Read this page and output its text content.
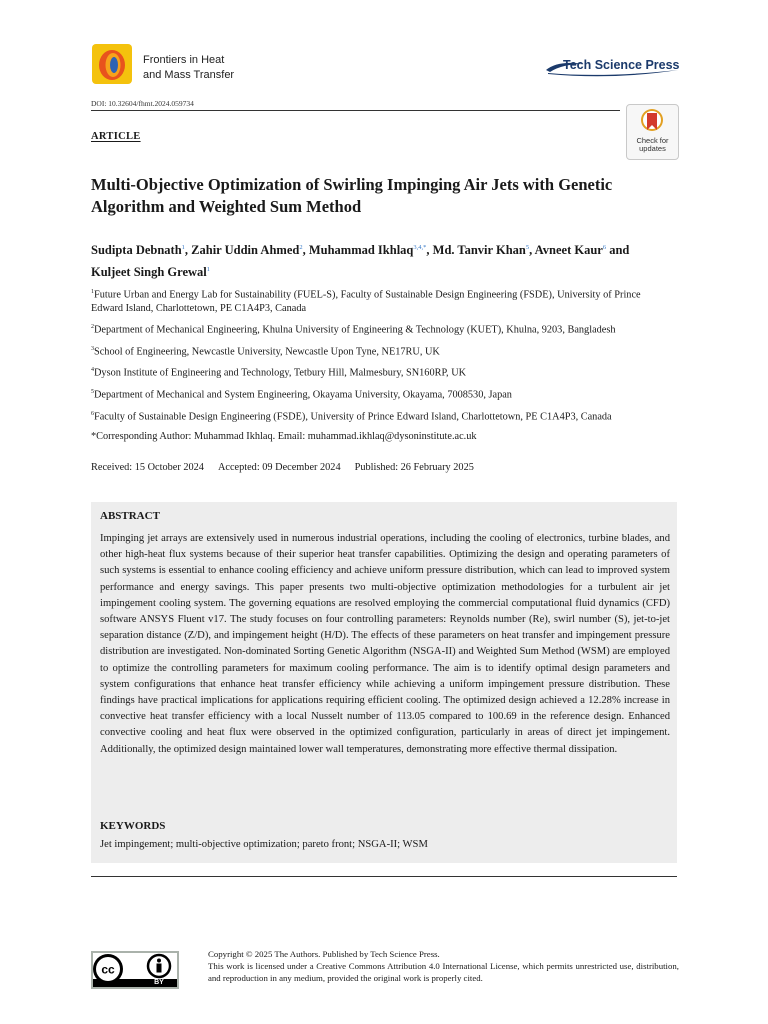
Frontiers in Heat
and Mass Transfer
Tech Science Press
DOI: 10.32604/fhmt.2024.059734
ARTICLE	Check for
updates
Multi-Objective Optimization of Swirling Impinging Air Jets with Genetic Algorithm and Weighted Sum Method
Sudipta Debnath$^1$, Zahir Uddin Ahmed$^2$, Muhammad Ikhlaq$^{3,4,*}$, Md. Tanvir Khan$^5$, Avneet Kaur$^6$ and
Kuljeet Singh Grewal$^1$
$^1$Future Urban and Energy Lab for Sustainability (FUEL-S), Faculty of Sustainable Design Engineering (FSDE), University of Prince Edward Island, Charlottetown, PE C1A4P3, Canada
$^2$Department of Mechanical Engineering, Khulna University of Engineering & Technology (KUET), Khulna, 9203, Bangladesh
$^3$School of Engineering, Newcastle University, Newcastle Upon Tyne, NE17RU, UK
$^4$Dyson Institute of Engineering and Technology, Tetbury Hill, Malmesbury, SN160RP, UK
$^5$Department of Mechanical and System Engineering, Okayama University, Okayama, 7008530, Japan
$^6$Faculty of Sustainable Design Engineering (FSDE), University of Prince Edward Island, Charlottetown, PE C1A4P3, Canada
*Corresponding Author: Muhammad Ikhlaq. Email: muhammad.ikhlaq@dysoninstitute.ac.uk
Received: 15 October 2024 Accepted: 09 December 2024 Published: 26 February 2025
ABSTRACT
Impinging jet arrays are extensively used in numerous industrial operations, including the cooling of electronics, turbine blades, and other high-heat flux systems because of their superior heat transfer capabilities. Optimizing the design and operating parameters of such systems is essential to enhance cooling efficiency and achieve uniform pressure distribution, which can lead to improved system performance and energy savings. This paper presents two multi-objective optimization methodologies for a turbulent air jet impingement cooling system. The governing equations are resolved employing the commercial computational fluid dynamics (CFD) software ANSYS Fluent v17. The study focuses on four controlling parameters: Reynolds number (Re), swirl number (S), jet-to-jet separation distance (Z/D), and impingement height (H/D). The effects of these parameters on heat transfer and impingement pressure distribution are investigated. Non-dominated Sorting Genetic Algorithm (NSGA-II) and Weighted Sum Method (WSM) are employed to optimize the controlling parameters for maximum cooling performance. The aim is to identify optimal design parameters and system configurations that enhance heat transfer efficiency while achieving a uniform impingement pressure distribution. These findings have practical implications for applications requiring efficient cooling. The optimized design achieved a 12.28% increase in convective heat transfer efficiency with a local Nusselt number of 113.05 compared to 100.69 in the reference design. Enhanced convective cooling and heat flux were observed in the optimized configuration, particularly in areas of direct jet impingement. Additionally, the optimized design maintained lower wall temperatures, demonstrating more effective thermal dissipation.
KEYWORDS
Jet impingement; multi-objective optimization; pareto front; NSGA-II; WSM
cc
BY
Copyright © 2025 The Authors. Published by Tech Science Press.
This work is licensed under a Creative Commons Attribution 4.0 International License, which permits unrestricted use, distribution, and reproduction in any medium, provided the original work is properly cited.
